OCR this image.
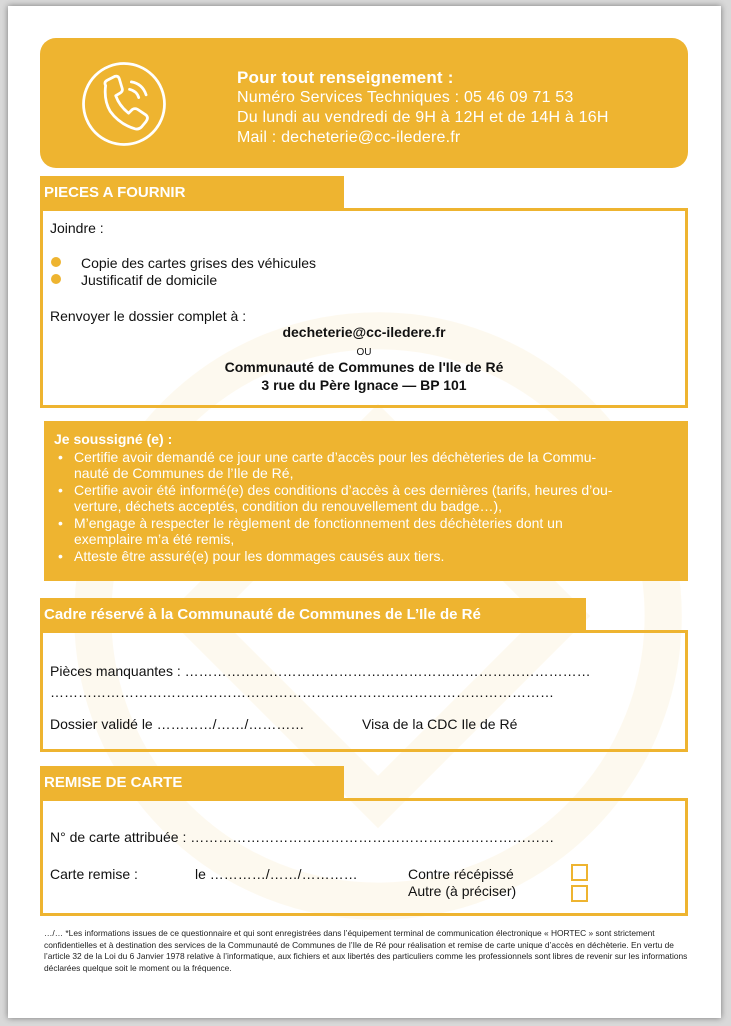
Pour tout renseignement :
Numéro Services Techniques : 05 46 09 71 53
Du lundi au vendredi de 9H à 12H et de 14H à 16H
Mail : decheterie@cc-iledere.fr
PIECES A FOURNIR
Joindre :
Copie des cartes grises des véhicules
Justificatif de domicile
Renvoyer le dossier complet à :
decheterie@cc-iledere.fr
OU
Communauté de Communes de l'Ile de Ré
3 rue du Père Ignace — BP 101
Je soussigné (e) :
• Certifie avoir demandé ce jour une carte d’accès pour les déchèteries de la Commu-
nauté de Communes de l’Ile de Ré,
• Certifie avoir été informé(e) des conditions d’accès à ces dernières (tarifs, heures d’ou-
verture, déchets acceptés, condition du renouvellement du badge…),
• M’engage à respecter le règlement de fonctionnement des déchèteries dont un
exemplaire m’a été remis,
• Atteste être assuré(e) pour les dommages causés aux tiers.
Cadre réservé à la Communauté de Communes de L’Ile de Ré
Pièces manquantes : ……………………………………………………………………………
………………………………………………………………………………………………
Dossier validé le …………/……/…………	Visa de la CDC Ile de Ré
REMISE DE CARTE
N° de carte attribuée : ……………………………………………………………………
Carte remise :	le …………/……/…………	Contre récépissé
Autre (à préciser)
…/… *Les informations issues de ce questionnaire et qui sont enregistrées dans l’équipement terminal de communication électronique « HORTEC » sont strictement confidentielles et à destination des services de la Communauté de Communes de l’Ile de Ré pour réalisation et remise de carte unique d’accès en déchèterie. En vertu de l’article 32 de la Loi du 6 Janvier 1978 relative à l’informatique, aux fichiers et aux libertés des particuliers comme les professionnels sont libres de revenir sur les informations déclarées quelque soit le moment ou la fréquence.
